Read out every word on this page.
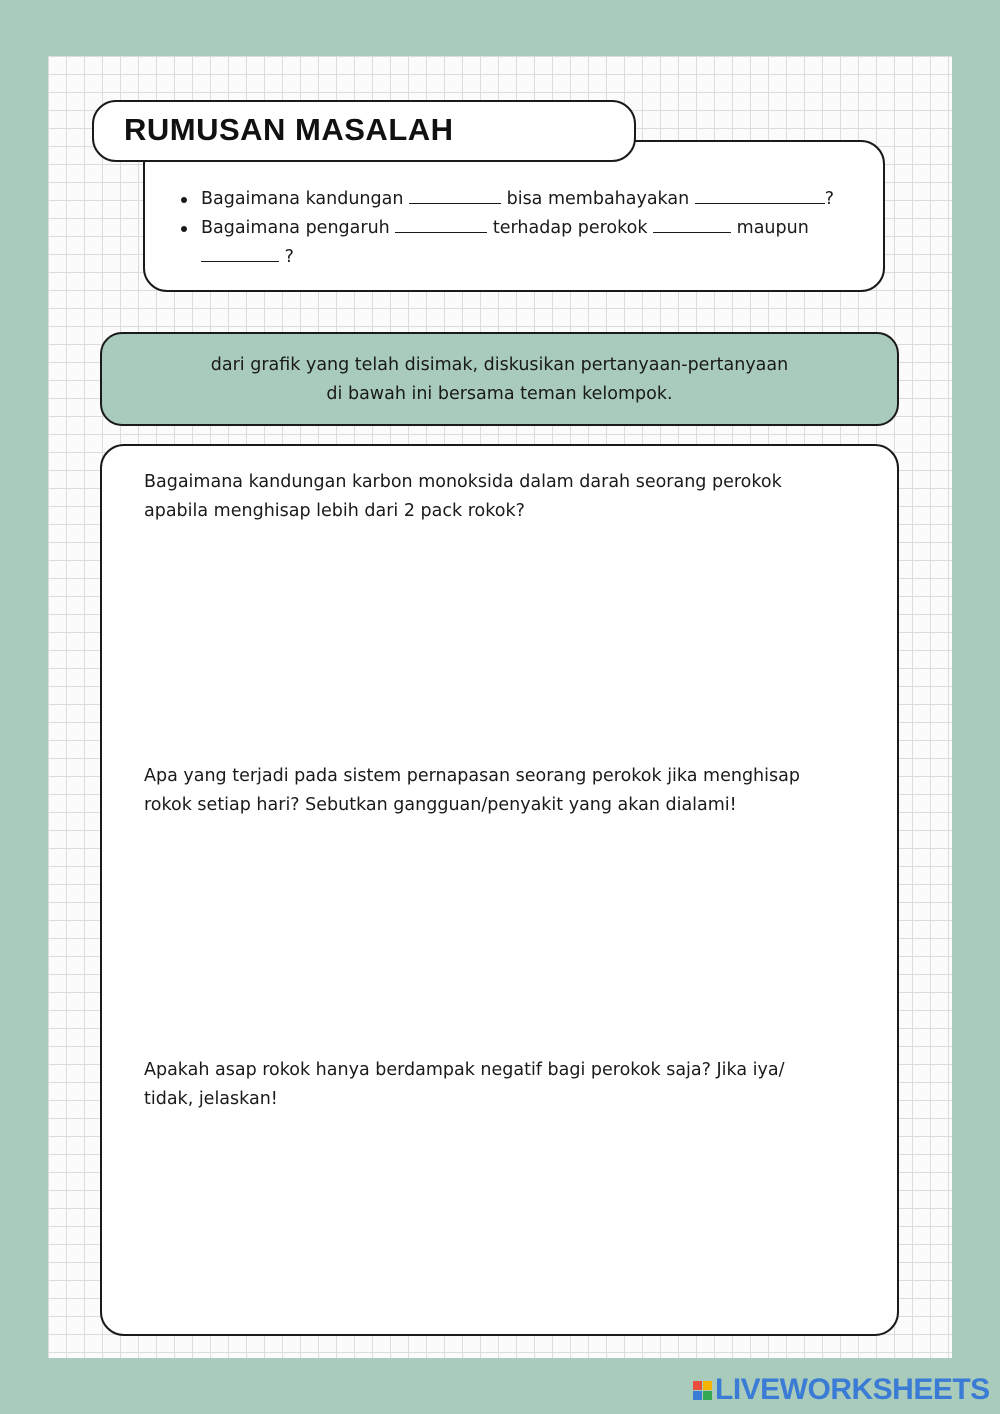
RUMUSAN MASALAH
Bagaimana kandungan	bisa membahayakan	?
Bagaimana pengaruh	terhadap perokok	maupun
?
dari grafik yang telah disimak, diskusikan pertanyaan-pertanyaan
di bawah ini bersama teman kelompok.

Bagaimana kandungan karbon monoksida dalam darah seorang perokok
apabila menghisap lebih dari 2 pack rokok?

Apa yang terjadi pada sistem pernapasan seorang perokok jika menghisap
rokok setiap hari? Sebutkan gangguan/penyakit yang akan dialami!

Apakah asap rokok hanya berdampak negatif bagi perokok saja? Jika iya/
tidak, jelaskan!

LIVEWORKSHEETS
